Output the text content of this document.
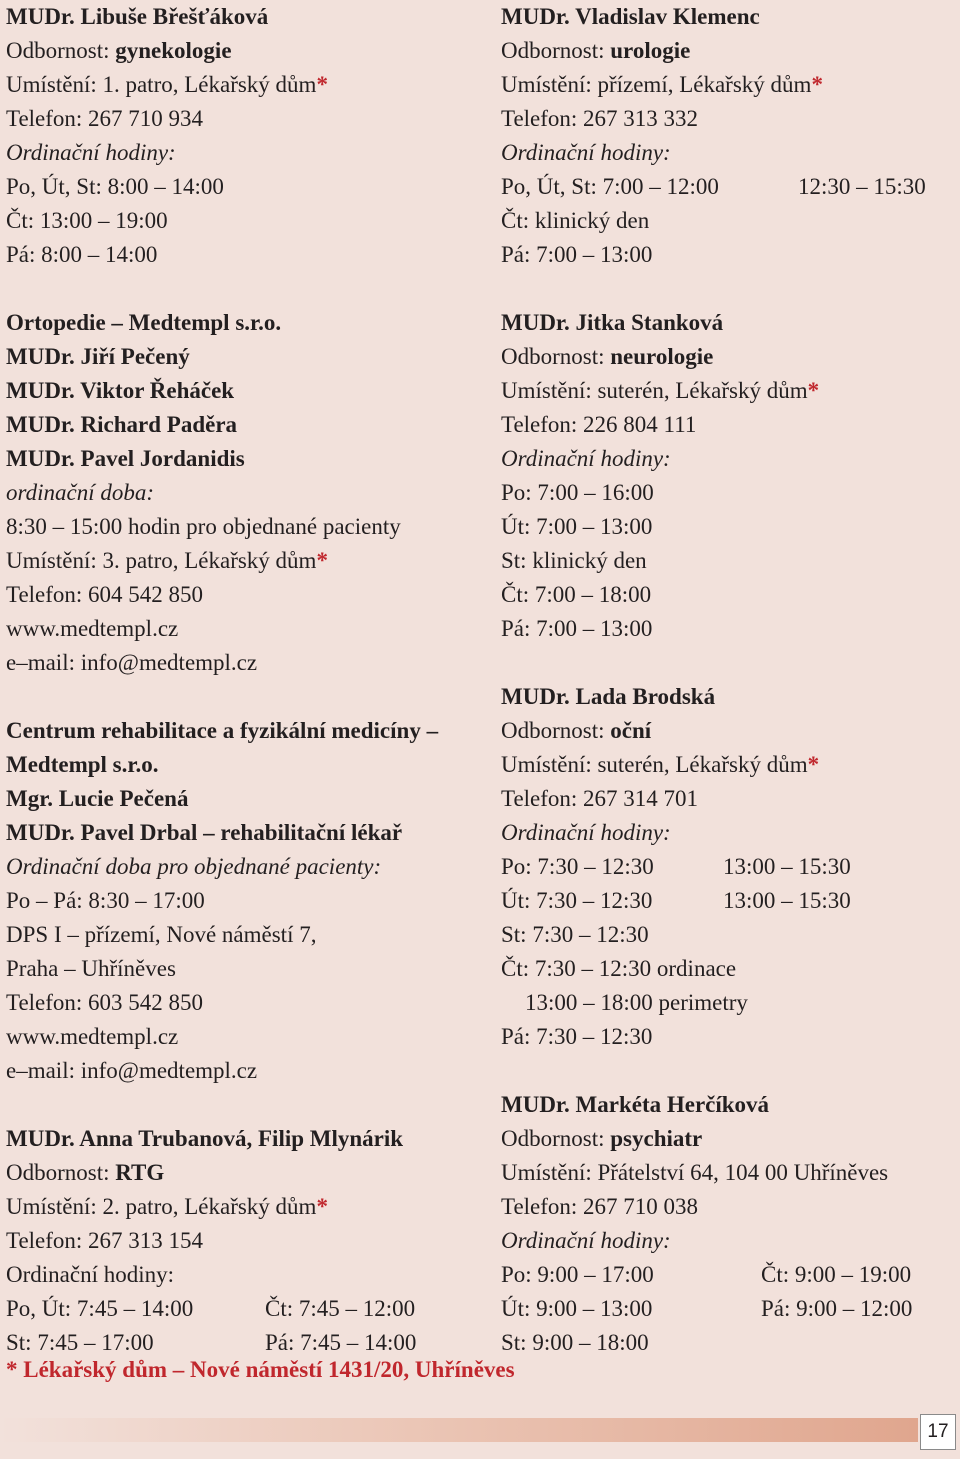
MUDr. Libuše Břešťáková
Odbornost: gynekologie
Umístění: 1. patro, Lékařský dům*
Telefon: 267 710 934
Ordinační hodiny:
Po, Út, St: 8:00 – 14:00
Čt: 13:00 – 19:00
Pá: 8:00 – 14:00
Ortopedie – Medtempl s.r.o.
MUDr. Jiří Pečený
MUDr. Viktor Řeháček
MUDr. Richard Paděra
MUDr. Pavel Jordanidis
ordinační doba:
8:30 – 15:00 hodin pro objednané pacienty
Umístění: 3. patro, Lékařský dům*
Telefon: 604 542 850
www.medtempl.cz
e–mail: info@medtempl.cz
Centrum rehabilitace a fyzikální medicíny –
Medtempl s.r.o.
Mgr. Lucie Pečená
MUDr. Pavel Drbal – rehabilitační lékař
Ordinační doba pro objednané pacienty:
Po – Pá: 8:30 – 17:00
DPS I – přízemí, Nové náměstí 7,
Praha – Uhříněves
Telefon: 603 542 850
www.medtempl.cz
e–mail: info@medtempl.cz
MUDr. Anna Trubanová, Filip Mlynárik
Odbornost: RTG
Umístění: 2. patro, Lékařský dům*
Telefon: 267 313 154
Ordinační hodiny:
Po, Út: 7:45 – 14:00	Čt: 7:45 – 12:00
St: 7:45 – 17:00	Pá: 7:45 – 14:00
MUDr. Vladislav Klemenc
Odbornost: urologie
Umístění: přízemí, Lékařský dům*
Telefon: 267 313 332
Ordinační hodiny:
Po, Út, St: 7:00 – 12:00	12:30 – 15:30
Čt: klinický den
Pá: 7:00 – 13:00
MUDr. Jitka Stanková
Odbornost: neurologie
Umístění: suterén, Lékařský dům*
Telefon: 226 804 111
Ordinační hodiny:
Po: 7:00 – 16:00
Út: 7:00 – 13:00
St: klinický den
Čt: 7:00 – 18:00
Pá: 7:00 – 13:00
MUDr. Lada Brodská
Odbornost: oční
Umístění: suterén, Lékařský dům*
Telefon: 267 314 701
Ordinační hodiny:
Po: 7:30 – 12:30	13:00 – 15:30
Út: 7:30 – 12:30	13:00 – 15:30
St: 7:30 – 12:30
Čt: 7:30 – 12:30 ordinace
13:00 – 18:00 perimetry
Pá: 7:30 – 12:30
MUDr. Markéta Herčíková
Odbornost: psychiatr
Umístění: Přátelství 64, 104 00 Uhříněves
Telefon: 267 710 038
Ordinační hodiny:
Po: 9:00 – 17:00	Čt: 9:00 – 19:00
Út: 9:00 – 13:00	Pá: 9:00 – 12:00
St: 9:00 – 18:00
* Lékařský dům – Nové náměstí 1431/20, Uhříněves
17
